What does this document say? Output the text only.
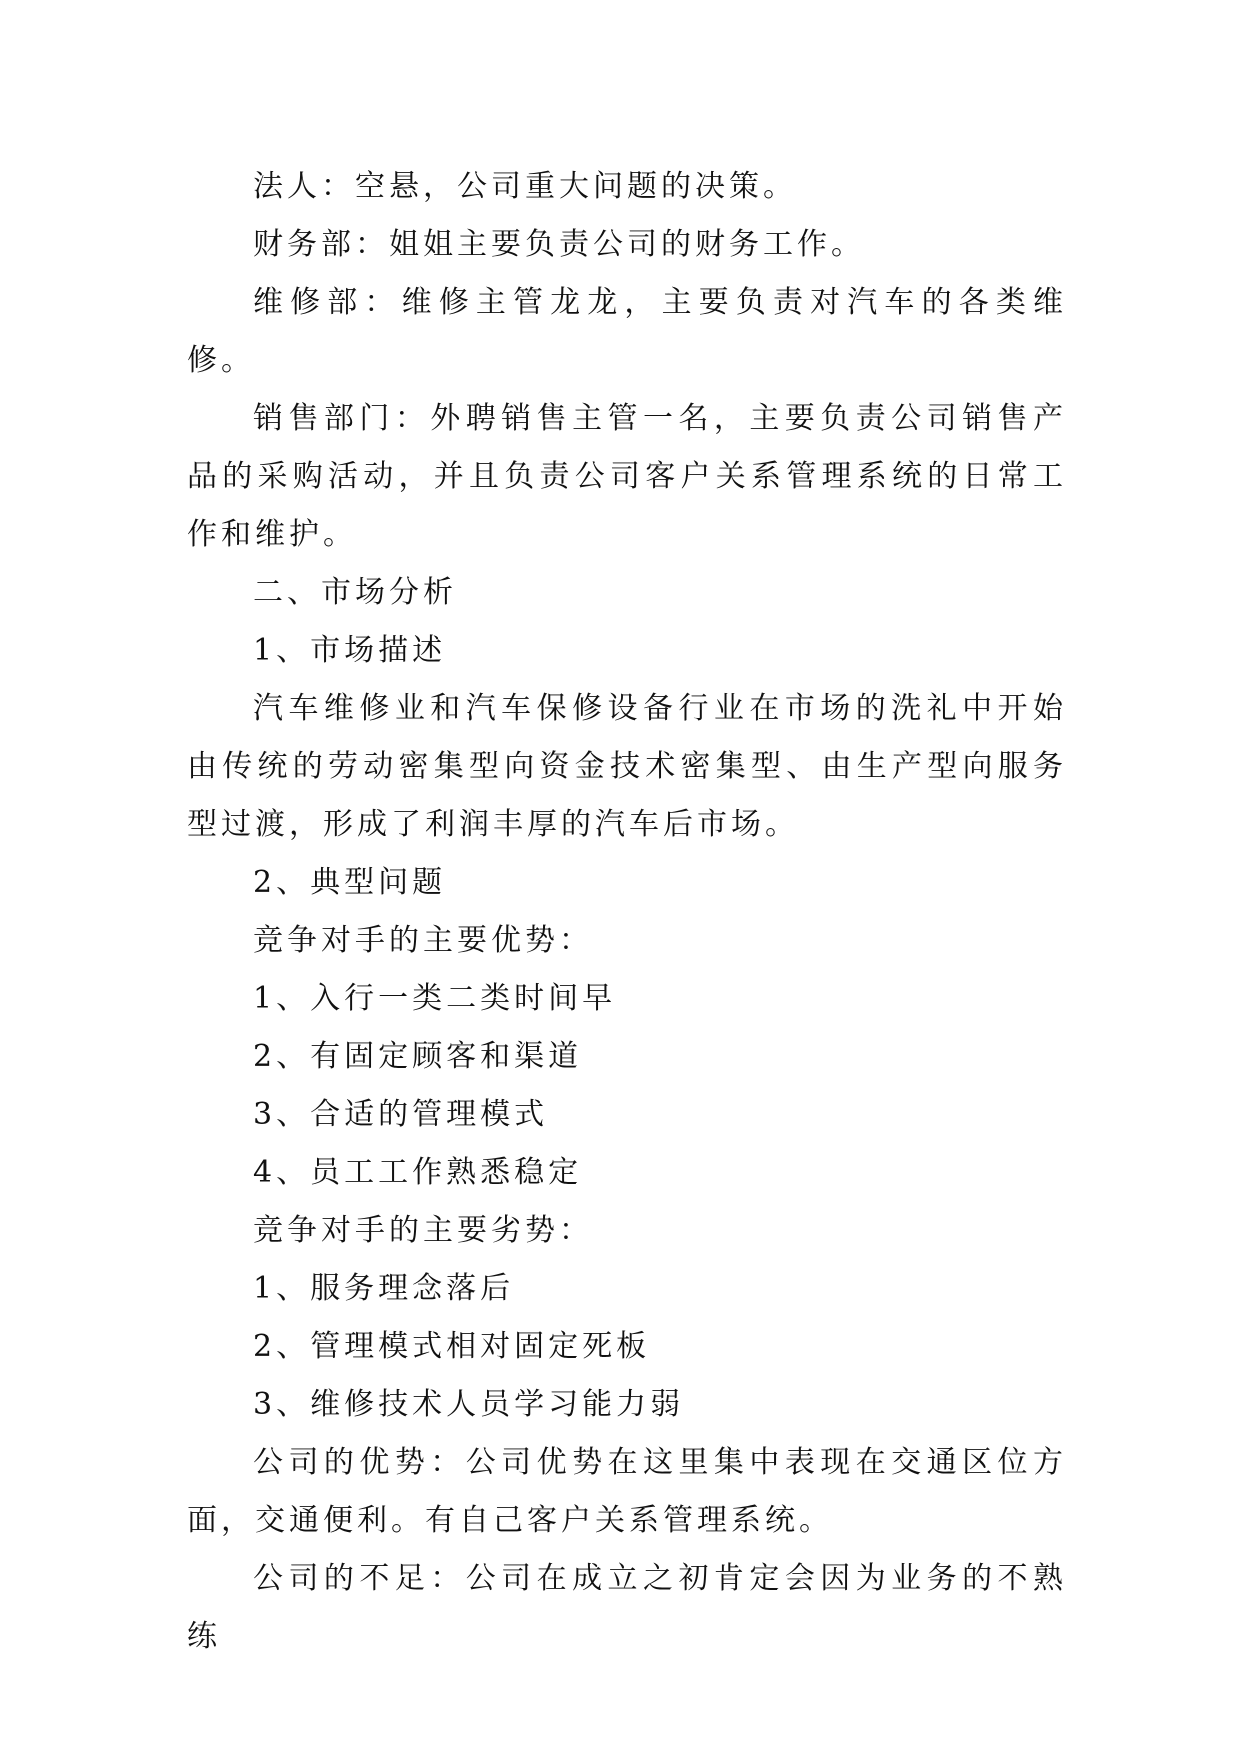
法人：空悬，公司重大问题的决策。

财务部：姐姐主要负责公司的财务工作。

维修部：维修主管龙龙，主要负责对汽车的各类维修。

销售部门：外聘销售主管一名，主要负责公司销售产品的采购活动，并且负责公司客户关系管理系统的日常工作和维护。

二、市场分析

1、市场描述

汽车维修业和汽车保修设备行业在市场的洗礼中开始由传统的劳动密集型向资金技术密集型、由生产型向服务型过渡，形成了利润丰厚的汽车后市场。

2、典型问题

竞争对手的主要优势：

1、入行一类二类时间早

2、有固定顾客和渠道

3、合适的管理模式

4、员工工作熟悉稳定

竞争对手的主要劣势：

1、服务理念落后

2、管理模式相对固定死板

3、维修技术人员学习能力弱

公司的优势：公司优势在这里集中表现在交通区位方面，交通便利。有自己客户关系管理系统。

公司的不足：公司在成立之初肯定会因为业务的不熟练
